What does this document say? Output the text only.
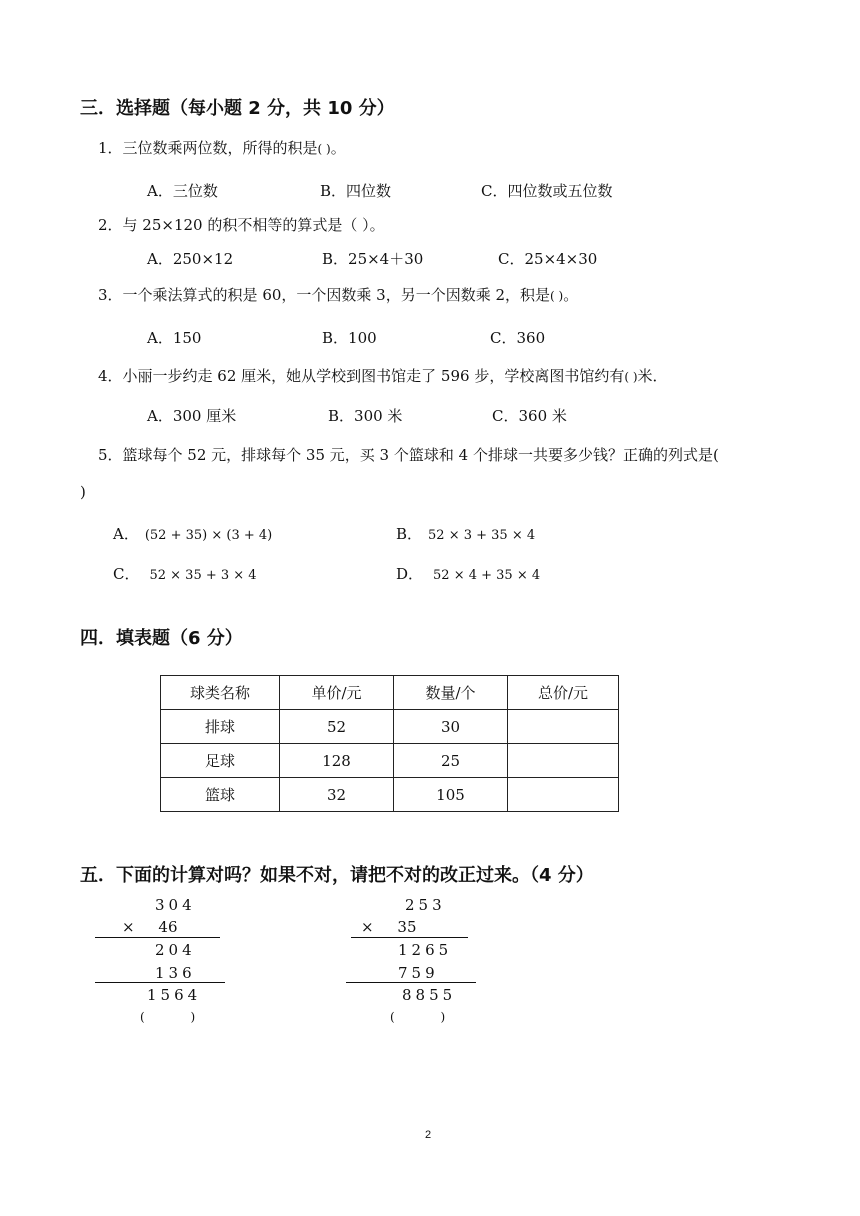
三．选择题（每小题 2 分，共 10 分）
1．三位数乘两位数，所得的积是( )。
A．三位数	B．四位数	C．四位数或五位数
2．与 25×120 的积不相等的算式是（ ）。
A．250×12	B．25×4＋30	C．25×4×30
3．一个乘法算式的积是 60，一个因数乘 3，另一个因数乘 2，积是( )。
A．150	B．100	C．360
4．小丽一步约走 62 厘米，她从学校到图书馆走了 596 步，学校离图书馆约有( )米．
A．300 厘米	B．300 米	C．360 米
5．篮球每个 52 元，排球每个 35 元，买 3 个篮球和 4 个排球一共要多少钱？正确的列式是(
)
A． (52 + 35) × (3 + 4)	B． 52 × 3 + 35 × 4
C． 52 × 35 + 3 × 4	D． 52 × 4 + 35 × 4
四．填表题（6 分）
球类名称	单价/元	数量/个	总价/元
排球	52	30	
足球	128	25	
篮球	32	105	
五．下面的计算对吗？如果不对，请把不对的改正过来。（4 分）
304
×     46
204
136
1564
(            )
253
×     35
1265
759
8855
(            )
2
